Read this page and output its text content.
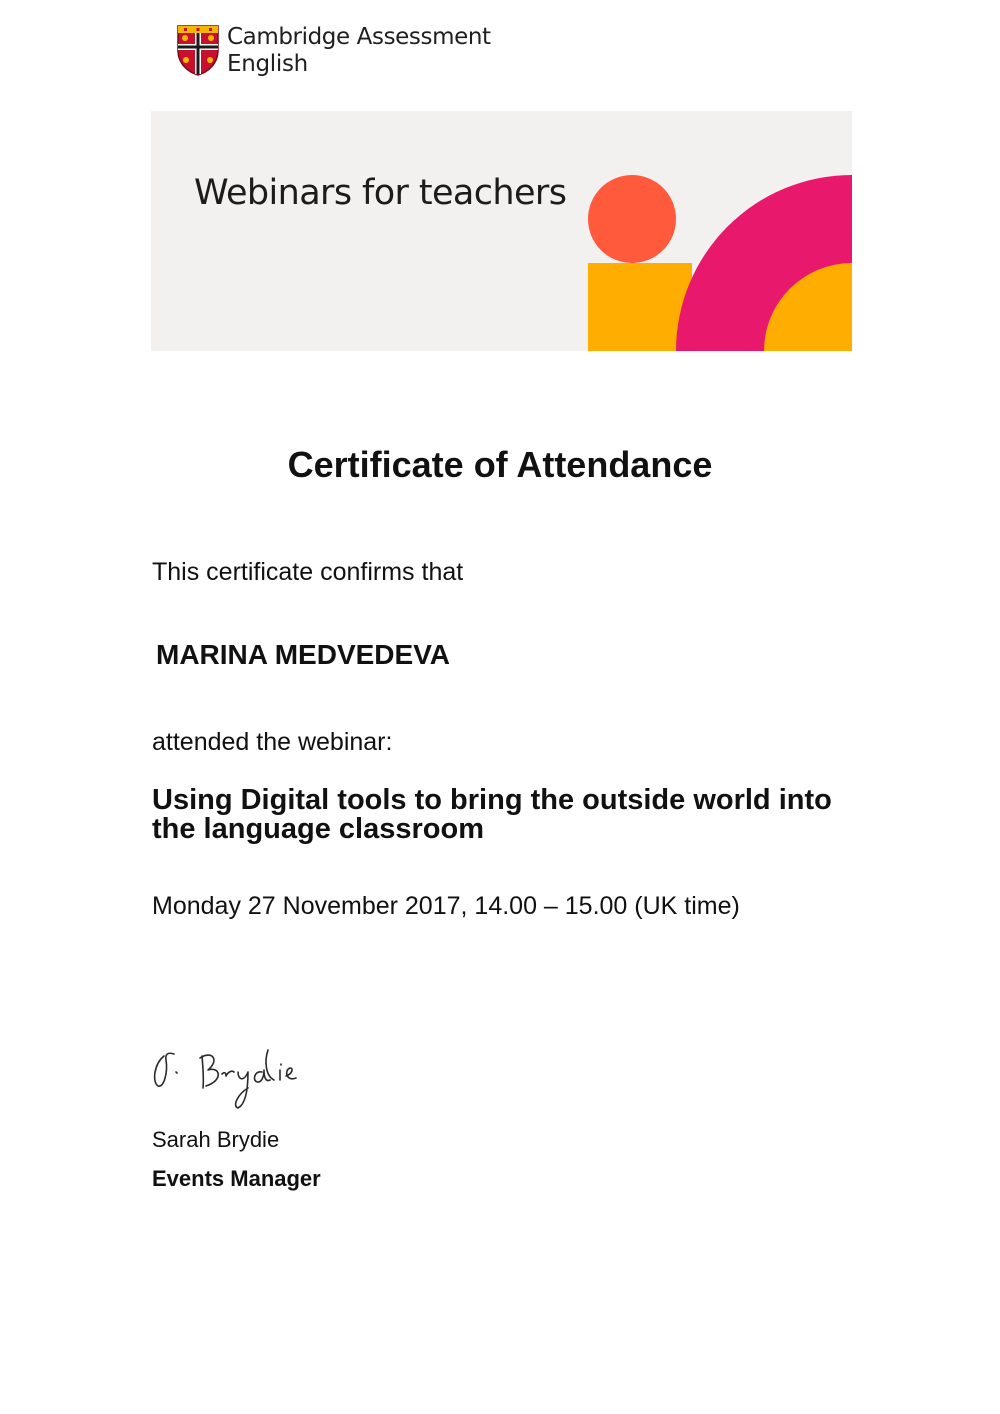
Cambridge Assessment
English
Webinars for teachers
Certificate of Attendance

This certificate confirms that

MARINA MEDVEDEVA

attended the webinar:

Using Digital tools to bring the outside world into the language classroom

Monday 27 November 2017, 14.00 – 15.00 (UK time)

Sarah Brydie

Events Manager
